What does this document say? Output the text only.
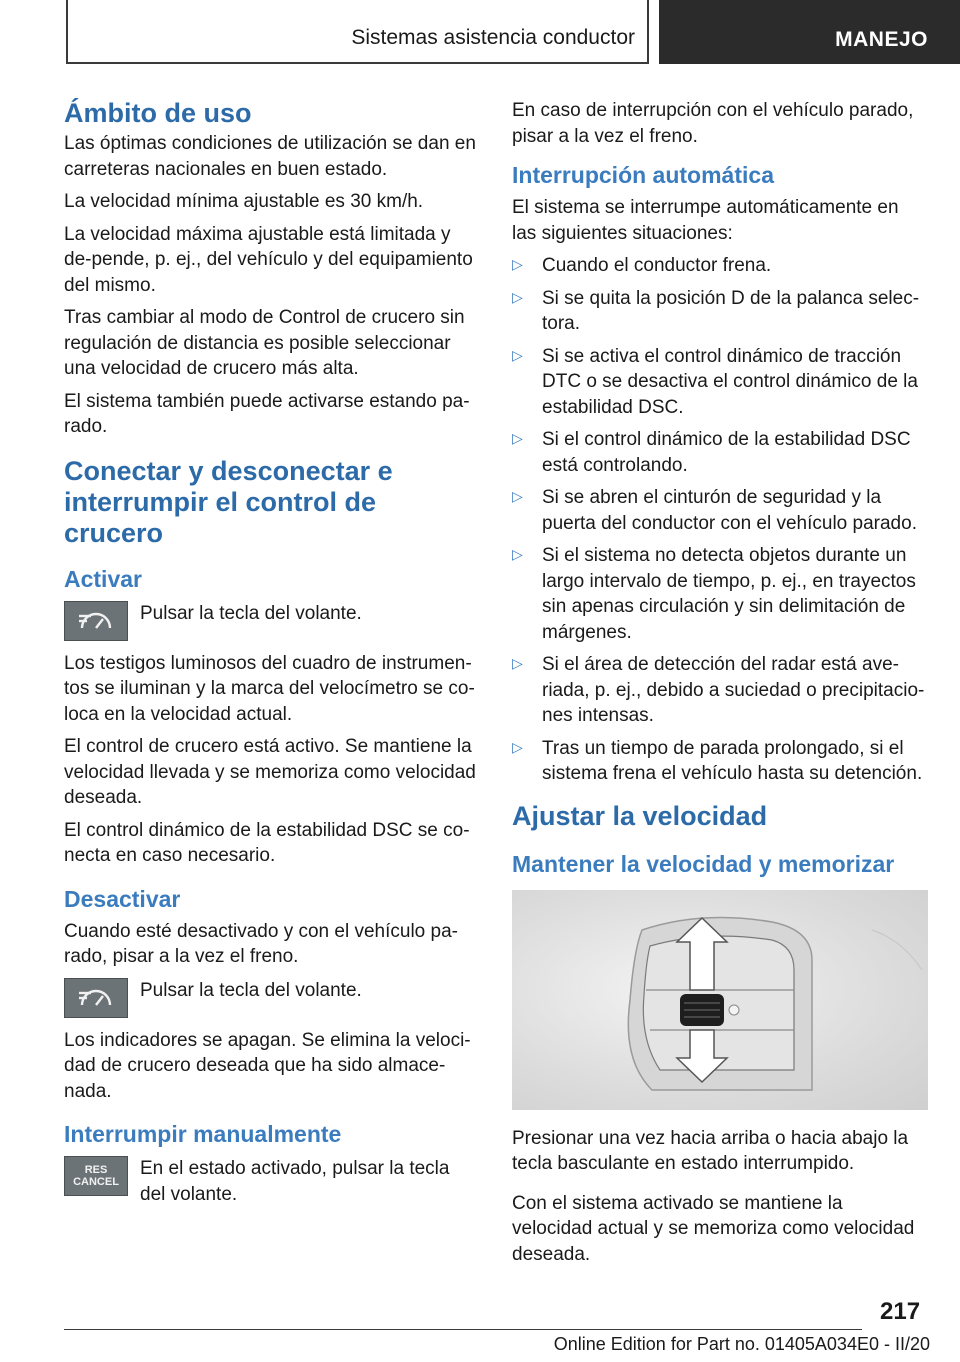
Sistemas asistencia conductor	MANEJO
Ámbito de uso
Las óptimas condiciones de utilización se dan en carreteras nacionales en buen estado.
La velocidad mínima ajustable es 30 km/h.
La velocidad máxima ajustable está limitada y de‐pende, p. ej., del vehículo y del equipamiento del mismo.
Tras cambiar al modo de Control de crucero sin regulación de distancia es posible seleccionar una velocidad de crucero más alta.
El sistema también puede activarse estando pa‐rado.
Conectar y desconectar e interrumpir el control de crucero
Activar
Pulsar la tecla del volante.
Los testigos luminosos del cuadro de instrumen‐tos se iluminan y la marca del velocímetro se co‐loca en la velocidad actual.
El control de crucero está activo. Se mantiene la velocidad llevada y se memoriza como velocidad deseada.
El control dinámico de la estabilidad DSC se co‐necta en caso necesario.
Desactivar
Cuando esté desactivado y con el vehículo pa‐rado, pisar a la vez el freno.
Pulsar la tecla del volante.
Los indicadores se apagan. Se elimina la veloci‐dad de crucero deseada que ha sido almace‐nada.
Interrumpir manualmente
RES CANCEL
En el estado activado, pulsar la tecla del volante.
En caso de interrupción con el vehículo parado, pisar a la vez el freno.
Interrupción automática
El sistema se interrumpe automáticamente en las siguientes situaciones:
▷ Cuando el conductor frena.
▷ Si se quita la posición D de la palanca selec‐tora.
▷ Si se activa el control dinámico de tracción DTC o se desactiva el control dinámico de la estabilidad DSC.
▷ Si el control dinámico de la estabilidad DSC está controlando.
▷ Si se abren el cinturón de seguridad y la puerta del conductor con el vehículo parado.
▷ Si el sistema no detecta objetos durante un largo intervalo de tiempo, p. ej., en trayectos sin apenas circulación y sin delimitación de márgenes.
▷ Si el área de detección del radar está ave‐riada, p. ej., debido a suciedad o precipitacio‐nes intensas.
▷ Tras un tiempo de parada prolongado, si el sistema frena el vehículo hasta su detención.
Ajustar la velocidad
Mantener la velocidad y memorizar
Presionar una vez hacia arriba o hacia abajo la tecla basculante en estado interrumpido.
Con el sistema activado se mantiene la velocidad actual y se memoriza como velocidad deseada.
217
Online Edition for Part no. 01405A034E0 - II/20
